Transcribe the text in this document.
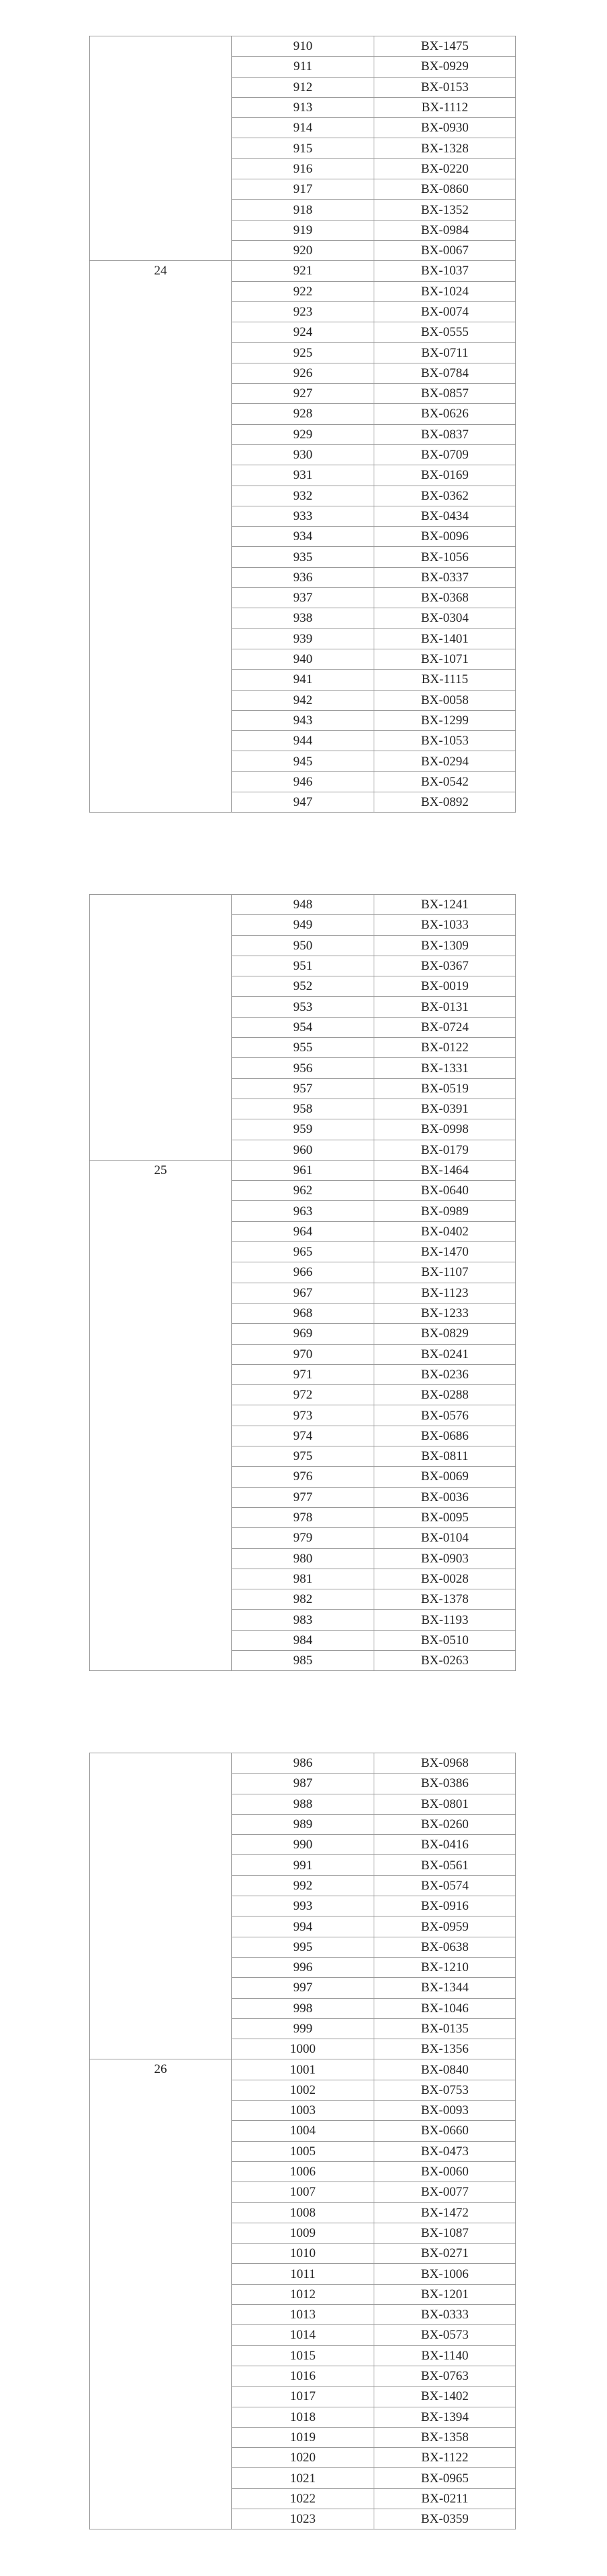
	910	BX-1475
	911	BX-0929
	912	BX-0153
	913	BX-1112
	914	BX-0930
	915	BX-1328
	916	BX-0220
	917	BX-0860
	918	BX-1352
	919	BX-0984
	920	BX-0067
24	921	BX-1037
	922	BX-1024
	923	BX-0074
	924	BX-0555
	925	BX-0711
	926	BX-0784
	927	BX-0857
	928	BX-0626
	929	BX-0837
	930	BX-0709
	931	BX-0169
	932	BX-0362
	933	BX-0434
	934	BX-0096
	935	BX-1056
	936	BX-0337
	937	BX-0368
	938	BX-0304
	939	BX-1401
	940	BX-1071
	941	BX-1115
	942	BX-0058
	943	BX-1299
	944	BX-1053
	945	BX-0294
	946	BX-0542
	947	BX-0892
	948	BX-1241
	949	BX-1033
	950	BX-1309
	951	BX-0367
	952	BX-0019
	953	BX-0131
	954	BX-0724
	955	BX-0122
	956	BX-1331
	957	BX-0519
	958	BX-0391
	959	BX-0998
	960	BX-0179
25	961	BX-1464
	962	BX-0640
	963	BX-0989
	964	BX-0402
	965	BX-1470
	966	BX-1107
	967	BX-1123
	968	BX-1233
	969	BX-0829
	970	BX-0241
	971	BX-0236
	972	BX-0288
	973	BX-0576
	974	BX-0686
	975	BX-0811
	976	BX-0069
	977	BX-0036
	978	BX-0095
	979	BX-0104
	980	BX-0903
	981	BX-0028
	982	BX-1378
	983	BX-1193
	984	BX-0510
	985	BX-0263
	986	BX-0968
	987	BX-0386
	988	BX-0801
	989	BX-0260
	990	BX-0416
	991	BX-0561
	992	BX-0574
	993	BX-0916
	994	BX-0959
	995	BX-0638
	996	BX-1210
	997	BX-1344
	998	BX-1046
	999	BX-0135
	1000	BX-1356
26	1001	BX-0840
	1002	BX-0753
	1003	BX-0093
	1004	BX-0660
	1005	BX-0473
	1006	BX-0060
	1007	BX-0077
	1008	BX-1472
	1009	BX-1087
	1010	BX-0271
	1011	BX-1006
	1012	BX-1201
	1013	BX-0333
	1014	BX-0573
	1015	BX-1140
	1016	BX-0763
	1017	BX-1402
	1018	BX-1394
	1019	BX-1358
	1020	BX-1122
	1021	BX-0965
	1022	BX-0211
	1023	BX-0359
